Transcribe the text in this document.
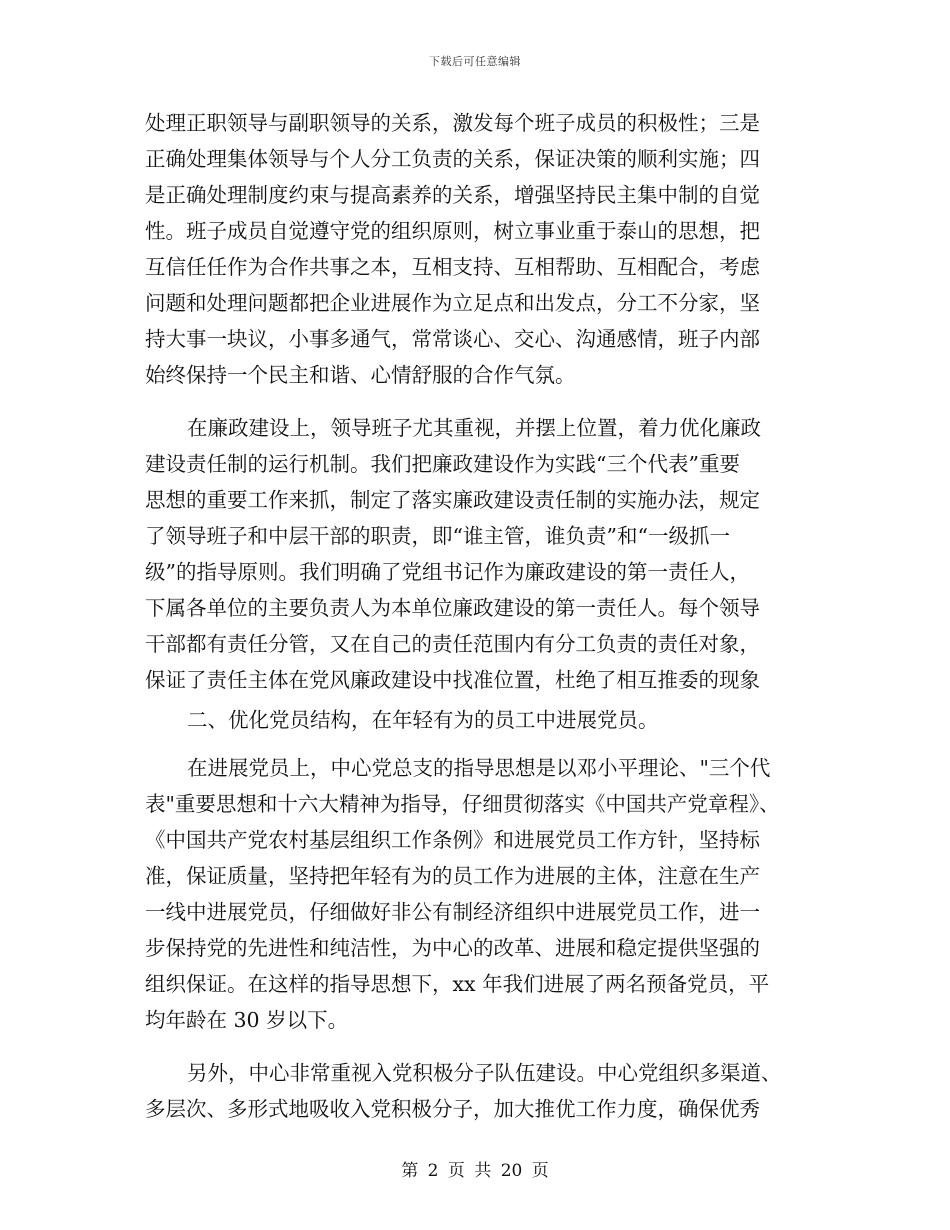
下载后可任意编辑
处理正职领导与副职领导的关系，激发每个班子成员的积极性；三是
正确处理集体领导与个人分工负责的关系，保证决策的顺利实施；四
是正确处理制度约束与提高素养的关系，增强坚持民主集中制的自觉
性。班子成员自觉遵守党的组织原则，树立事业重于泰山的思想，把
互信任任作为合作共事之本，互相支持、互相帮助、互相配合，考虑
问题和处理问题都把企业进展作为立足点和出发点，分工不分家，坚
持大事一块议，小事多通气，常常谈心、交心、沟通感情，班子内部
始终保持一个民主和谐、心情舒服的合作气氛。
在廉政建设上，领导班子尤其重视，并摆上位置，着力优化廉政
建设责任制的运行机制。我们把廉政建设作为实践“三个代表”重要
思想的重要工作来抓，制定了落实廉政建设责任制的实施办法，规定
了领导班子和中层干部的职责，即“谁主管，谁负责”和“一级抓一
级”的指导原则。我们明确了党组书记作为廉政建设的第一责任人，
下属各单位的主要负责人为本单位廉政建设的第一责任人。每个领导
干部都有责任分管，又在自己的责任范围内有分工负责的责任对象，
保证了责任主体在党风廉政建设中找准位置，杜绝了相互推委的现象
二、优化党员结构，在年轻有为的员工中进展党员。
在进展党员上，中心党总支的指导思想是以邓小平理论、"三个代
表"重要思想和十六大精神为指导，仔细贯彻落实《中国共产党章程》、
《中国共产党农村基层组织工作条例》和进展党员工作方针，坚持标
准，保证质量，坚持把年轻有为的员工作为进展的主体，注意在生产
一线中进展党员，仔细做好非公有制经济组织中进展党员工作，进一
步保持党的先进性和纯洁性，为中心的改革、进展和稳定提供坚强的
组织保证。在这样的指导思想下，xx 年我们进展了两名预备党员，平
均年龄在 30 岁以下。
另外，中心非常重视入党积极分子队伍建设。中心党组织多渠道、
多层次、多形式地吸收入党积极分子，加大推优工作力度，确保优秀
第 2 页 共 20 页
